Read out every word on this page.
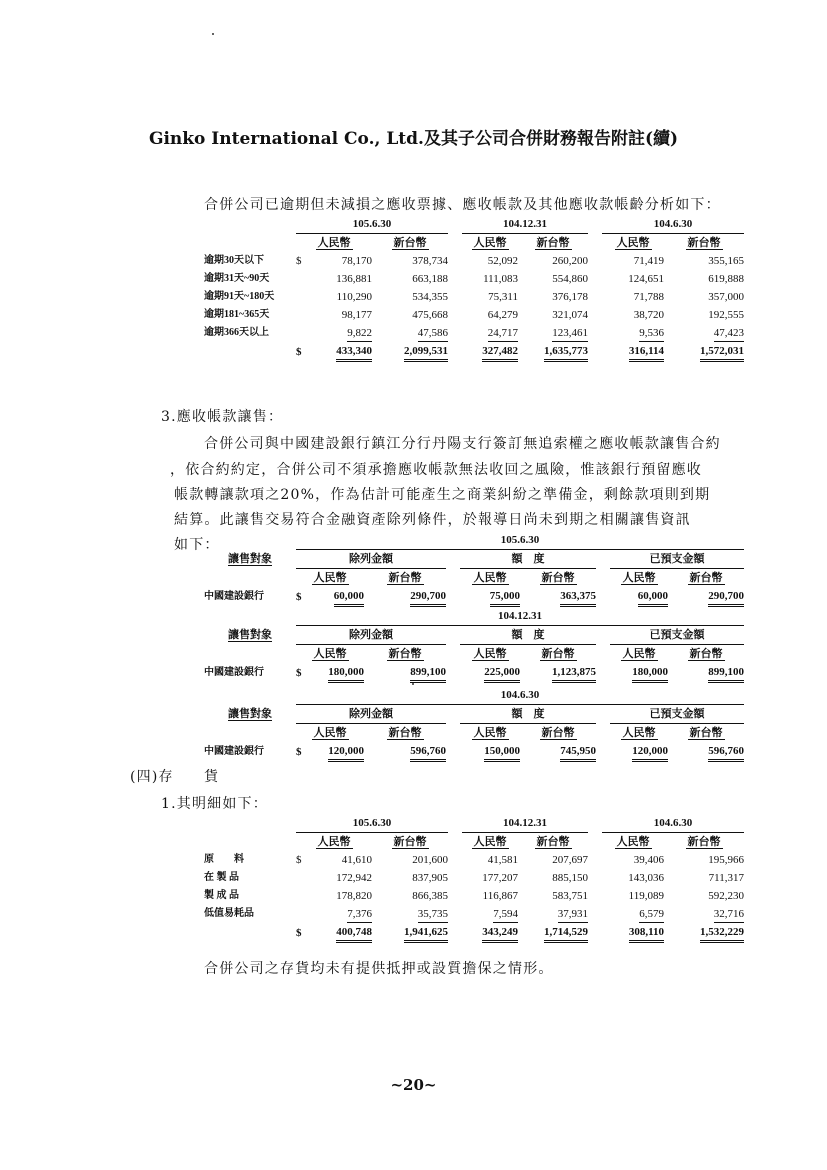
Ginko International Co., Ltd.及其子公司合併財務報告附註(續)
合併公司已逾期但未減損之應收票據、應收帳款及其他應收款帳齡分析如下：
	105.6.30				104.12.31			104.6.30	
	人民幣		新台幣		人民幣	新台幣		人民幣	新台幣
逾期30天以下	$	78,170	378,734		52,092	260,200		71,419	355,165
逾期31天~90天		136,881	663,188		111,083	554,860		124,651	619,888
逾期91天~180天		110,290	534,355		75,311	376,178		71,788	357,000
逾期181~365天		98,177	475,668		64,279	321,074		38,720	192,555
逾期366天以上		9,822	47,586		24,717	123,461		9,536	47,423
	$	433,340	2,099,531		327,482	1,635,773		316,114	1,572,031
3.應收帳款讓售：
合併公司與中國建設銀行鎮江分行丹陽支行簽訂無追索權之應收帳款讓售合約
，依合約約定，合併公司不須承擔應收帳款無法收回之風險，惟該銀行預留應收
帳款轉讓款項之20%，作為估計可能產生之商業糾紛之準備金，剩餘款項則到期
結算。此讓售交易符合金融資產除列條件，於報導日尚未到期之相關讓售資訊
如下：
		105.6.30								
讓售對象	除列金額				額　度			已預支金額	
	人民幣		新台幣		人民幣	新台幣		人民幣	新台幣
中國建設銀行	$	60,000	290,700		75,000	363,375		60,000	290,700
	104.12.31								
讓售對象	除列金額				額　度			已預支金額	
	人民幣		新台幣		人民幣	新台幣		人民幣	新台幣
中國建設銀行	$	180,000	899,100		225,000	1,123,875		180,000	899,100
	104.6.30								
讓售對象	除列金額				額　度			已預支金額	
	人民幣		新台幣		人民幣	新台幣		人民幣	新台幣
中國建設銀行	$	120,000	596,760		150,000	745,950		120,000	596,760
(四)存　　貨
1.其明細如下：
	105.6.30				104.12.31			104.6.30	
	人民幣		新台幣		人民幣	新台幣		人民幣	新台幣
原　　料	$	41,610	201,600		41,581	207,697		39,406	195,966
在 製 品		172,942	837,905		177,207	885,150		143,036	711,317
製 成 品		178,820	866,385		116,867	583,751		119,089	592,230
低值易耗品		7,376	35,735		7,594	37,931		6,579	32,716
	$	400,748	1,941,625		343,249	1,714,529		308,110	1,532,229
合併公司之存貨均未有提供抵押或設質擔保之情形。
~20~
